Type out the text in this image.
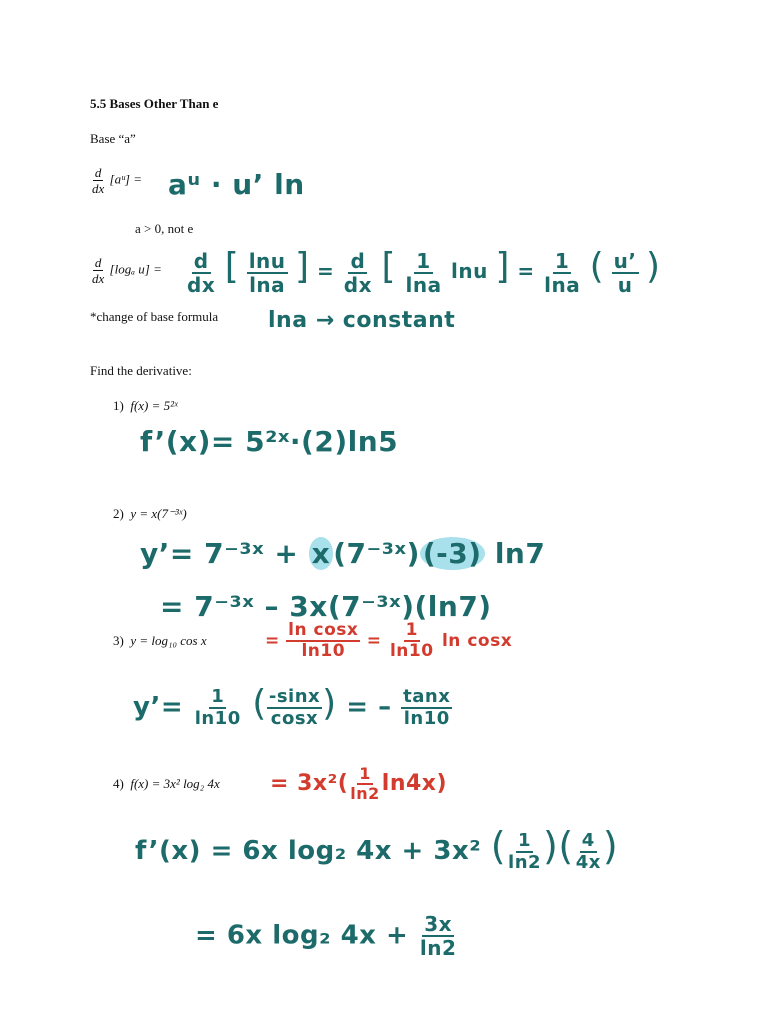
5.5 Bases Other Than e
Base “a”
$\frac{d}{dx}$ [aᵘ] = aᵘ · u’ ln
a > 0, not e
$\frac{d}{dx} [\log_a$ $u] = \frac{d}{dx}$ [ $\frac{\ln u}{\ln a}$ ] = $\frac{d}{dx}$ [ $\frac{1}{\ln a}$ lnu ] = $\frac{1}{\ln a}$ ( $\frac{u’}{u}$ )
*change of base formula lna → constant
Find the derivative:
1) f(x) = 5²ˣ
f’(x)= 5²ˣ·(2)ln5
2) y = x(7⁻³ˣ)
y’= 7⁻³ˣ + x (7⁻³ˣ) (-3) ln7
= 7⁻³ˣ – 3x(7⁻³ˣ)(ln7)
3) y = log₁₀ cos x	= $\frac{\text{ln cosx}}{\ln 10} = \frac{1}{\ln 10}$ ln cosx
y’= $\frac{1}{\ln 10}$ ( $\frac{-\sin x}{\cos x}$ ) = – $\frac{\tan x}{\ln 10}$
4) f(x) = 3x² log₂ $4x = 3x^2( \frac{1}{\ln 2} \ln 4x)$
f’(x) = 6x log₂ 4x + 3x² ( $\frac{1}{\ln 2}$ )( $\frac{4}{4x}$ )
= 6x log₂ $4x + \frac{3x}{\ln 2}$
